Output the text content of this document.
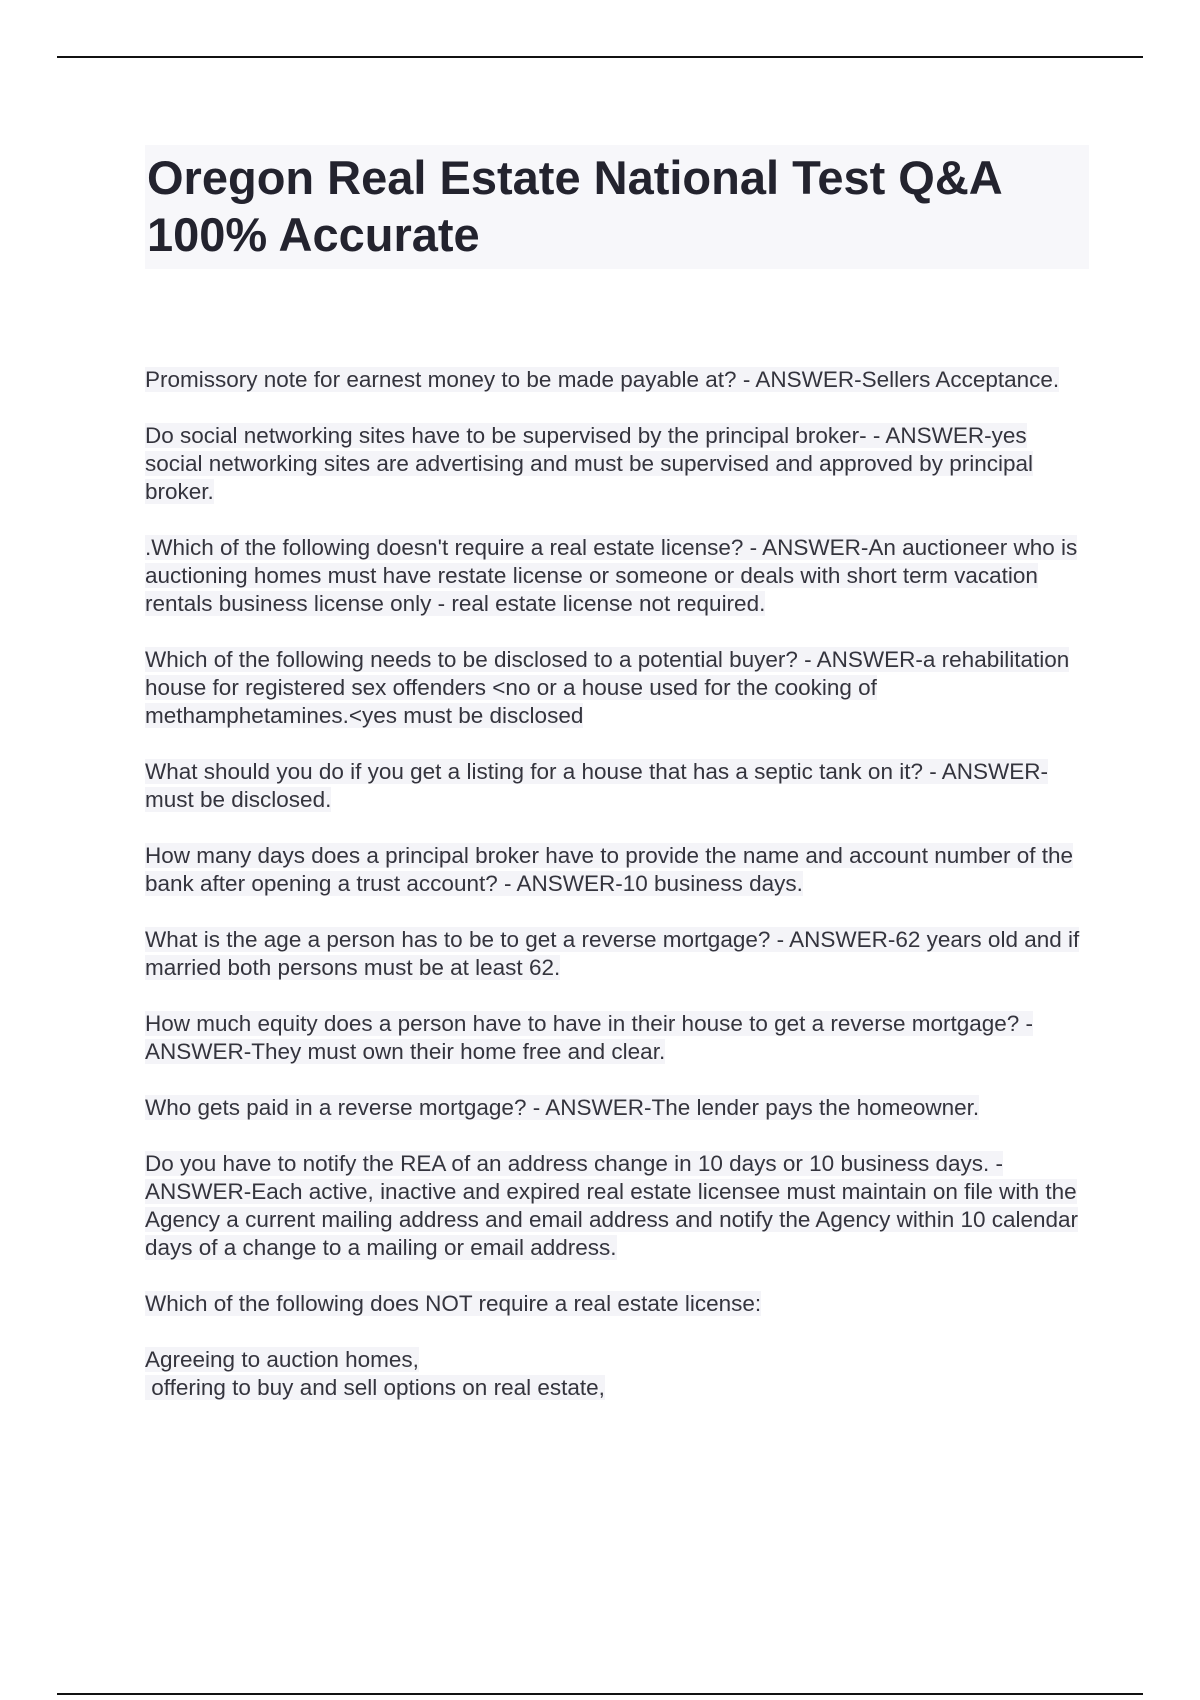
Oregon Real Estate National Test Q&A 100% Accurate

Promissory note for earnest money to be made payable at? - ANSWER-Sellers Acceptance.

Do social networking sites have to be supervised by the principal broker- - ANSWER-yes social networking sites are advertising and must be supervised and approved by principal broker.

.Which of the following doesn't require a real estate license? - ANSWER-An auctioneer who is auctioning homes must have restate license or someone or deals with short term vacation rentals business license only - real estate license not required.

Which of the following needs to be disclosed to a potential buyer? - ANSWER-a rehabilitation house for registered sex offenders <no or a house used for the cooking of methamphetamines.<yes must be disclosed

What should you do if you get a listing for a house that has a septic tank on it? - ANSWER-must be disclosed.

How many days does a principal broker have to provide the name and account number of the bank after opening a trust account? - ANSWER-10 business days.

What is the age a person has to be to get a reverse mortgage? - ANSWER-62 years old and if married both persons must be at least 62.

How much equity does a person have to have in their house to get a reverse mortgage? - ANSWER-They must own their home free and clear.

Who gets paid in a reverse mortgage? - ANSWER-The lender pays the homeowner.

Do you have to notify the REA of an address change in 10 days or 10 business days. - ANSWER-Each active, inactive and expired real estate licensee must maintain on file with the Agency a current mailing address and email address and notify the Agency within 10 calendar days of a change to a mailing or email address.

Which of the following does NOT require a real estate license:

Agreeing to auction homes,
offering to buy and sell options on real estate,
